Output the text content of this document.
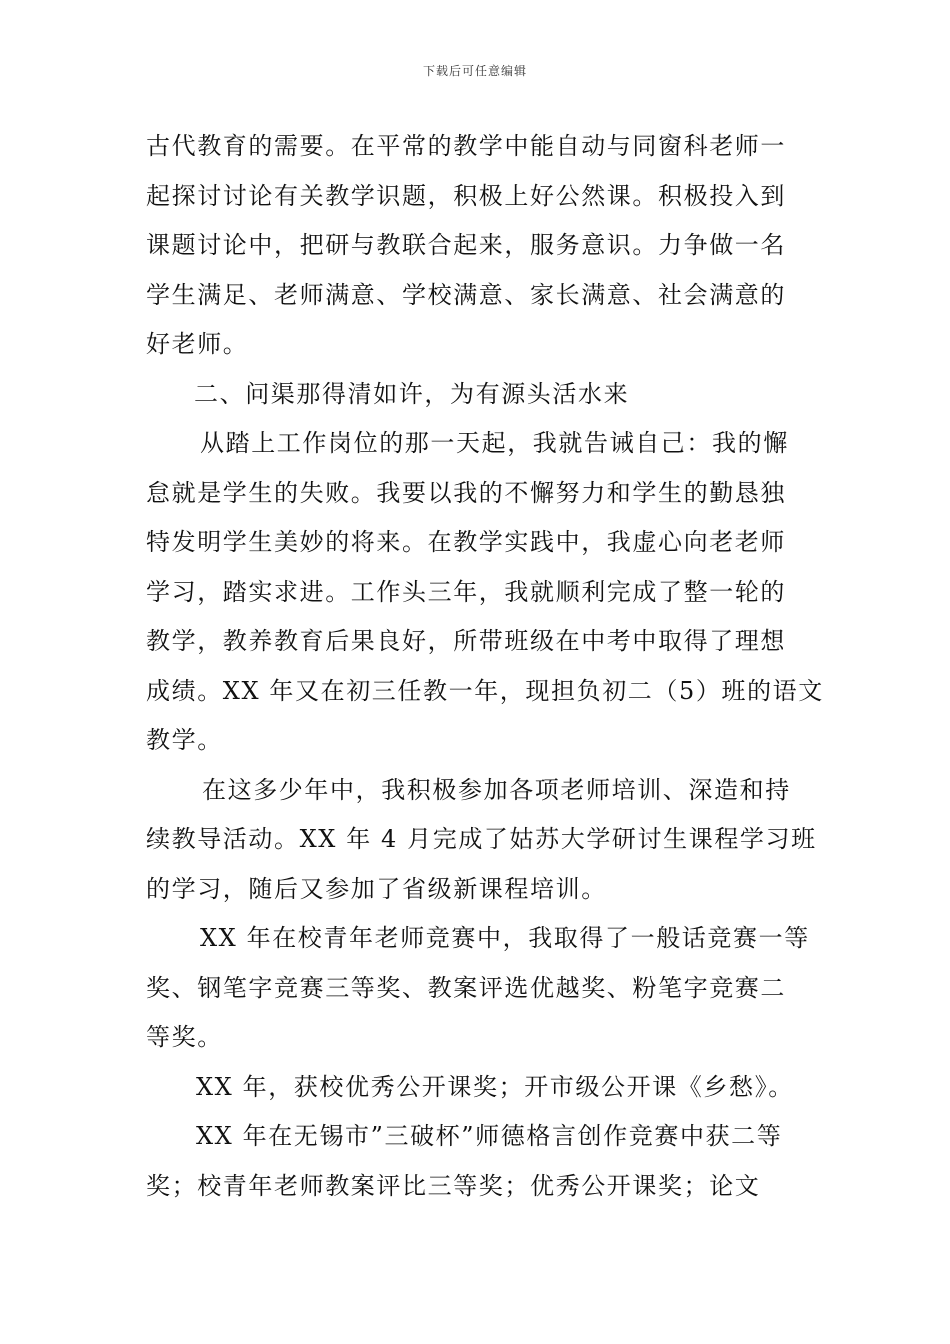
下载后可任意编辑
古代教育的需要。在平常的教学中能自动与同窗科老师一
起探讨讨论有关教学识题，积极上好公然课。积极投入到
课题讨论中，把研与教联合起来，服务意识。力争做一名
学生满足、老师满意、学校满意、家长满意、社会满意的
好老师。
二、问渠那得清如许，为有源头活水来
从踏上工作岗位的那一天起，我就告诫自己：我的懈
怠就是学生的失败。我要以我的不懈努力和学生的勤恳独
特发明学生美妙的将来。在教学实践中，我虚心向老老师
学习，踏实求进。工作头三年，我就顺利完成了整一轮的
教学，教养教育后果良好，所带班级在中考中取得了理想
成绩。XX 年又在初三任教一年，现担负初二（5）班的语文
教学。
在这多少年中，我积极参加各项老师培训、深造和持
续教导活动。XX 年 4 月完成了姑苏大学研讨生课程学习班
的学习，随后又参加了省级新课程培训。
XX 年在校青年老师竞赛中，我取得了一般话竞赛一等
奖、钢笔字竞赛三等奖、教案评选优越奖、粉笔字竞赛二
等奖。
XX 年，获校优秀公开课奖；开市级公开课《乡愁》。
XX 年在无锡市”三破杯”师德格言创作竞赛中获二等
奖；校青年老师教案评比三等奖；优秀公开课奖；论文
